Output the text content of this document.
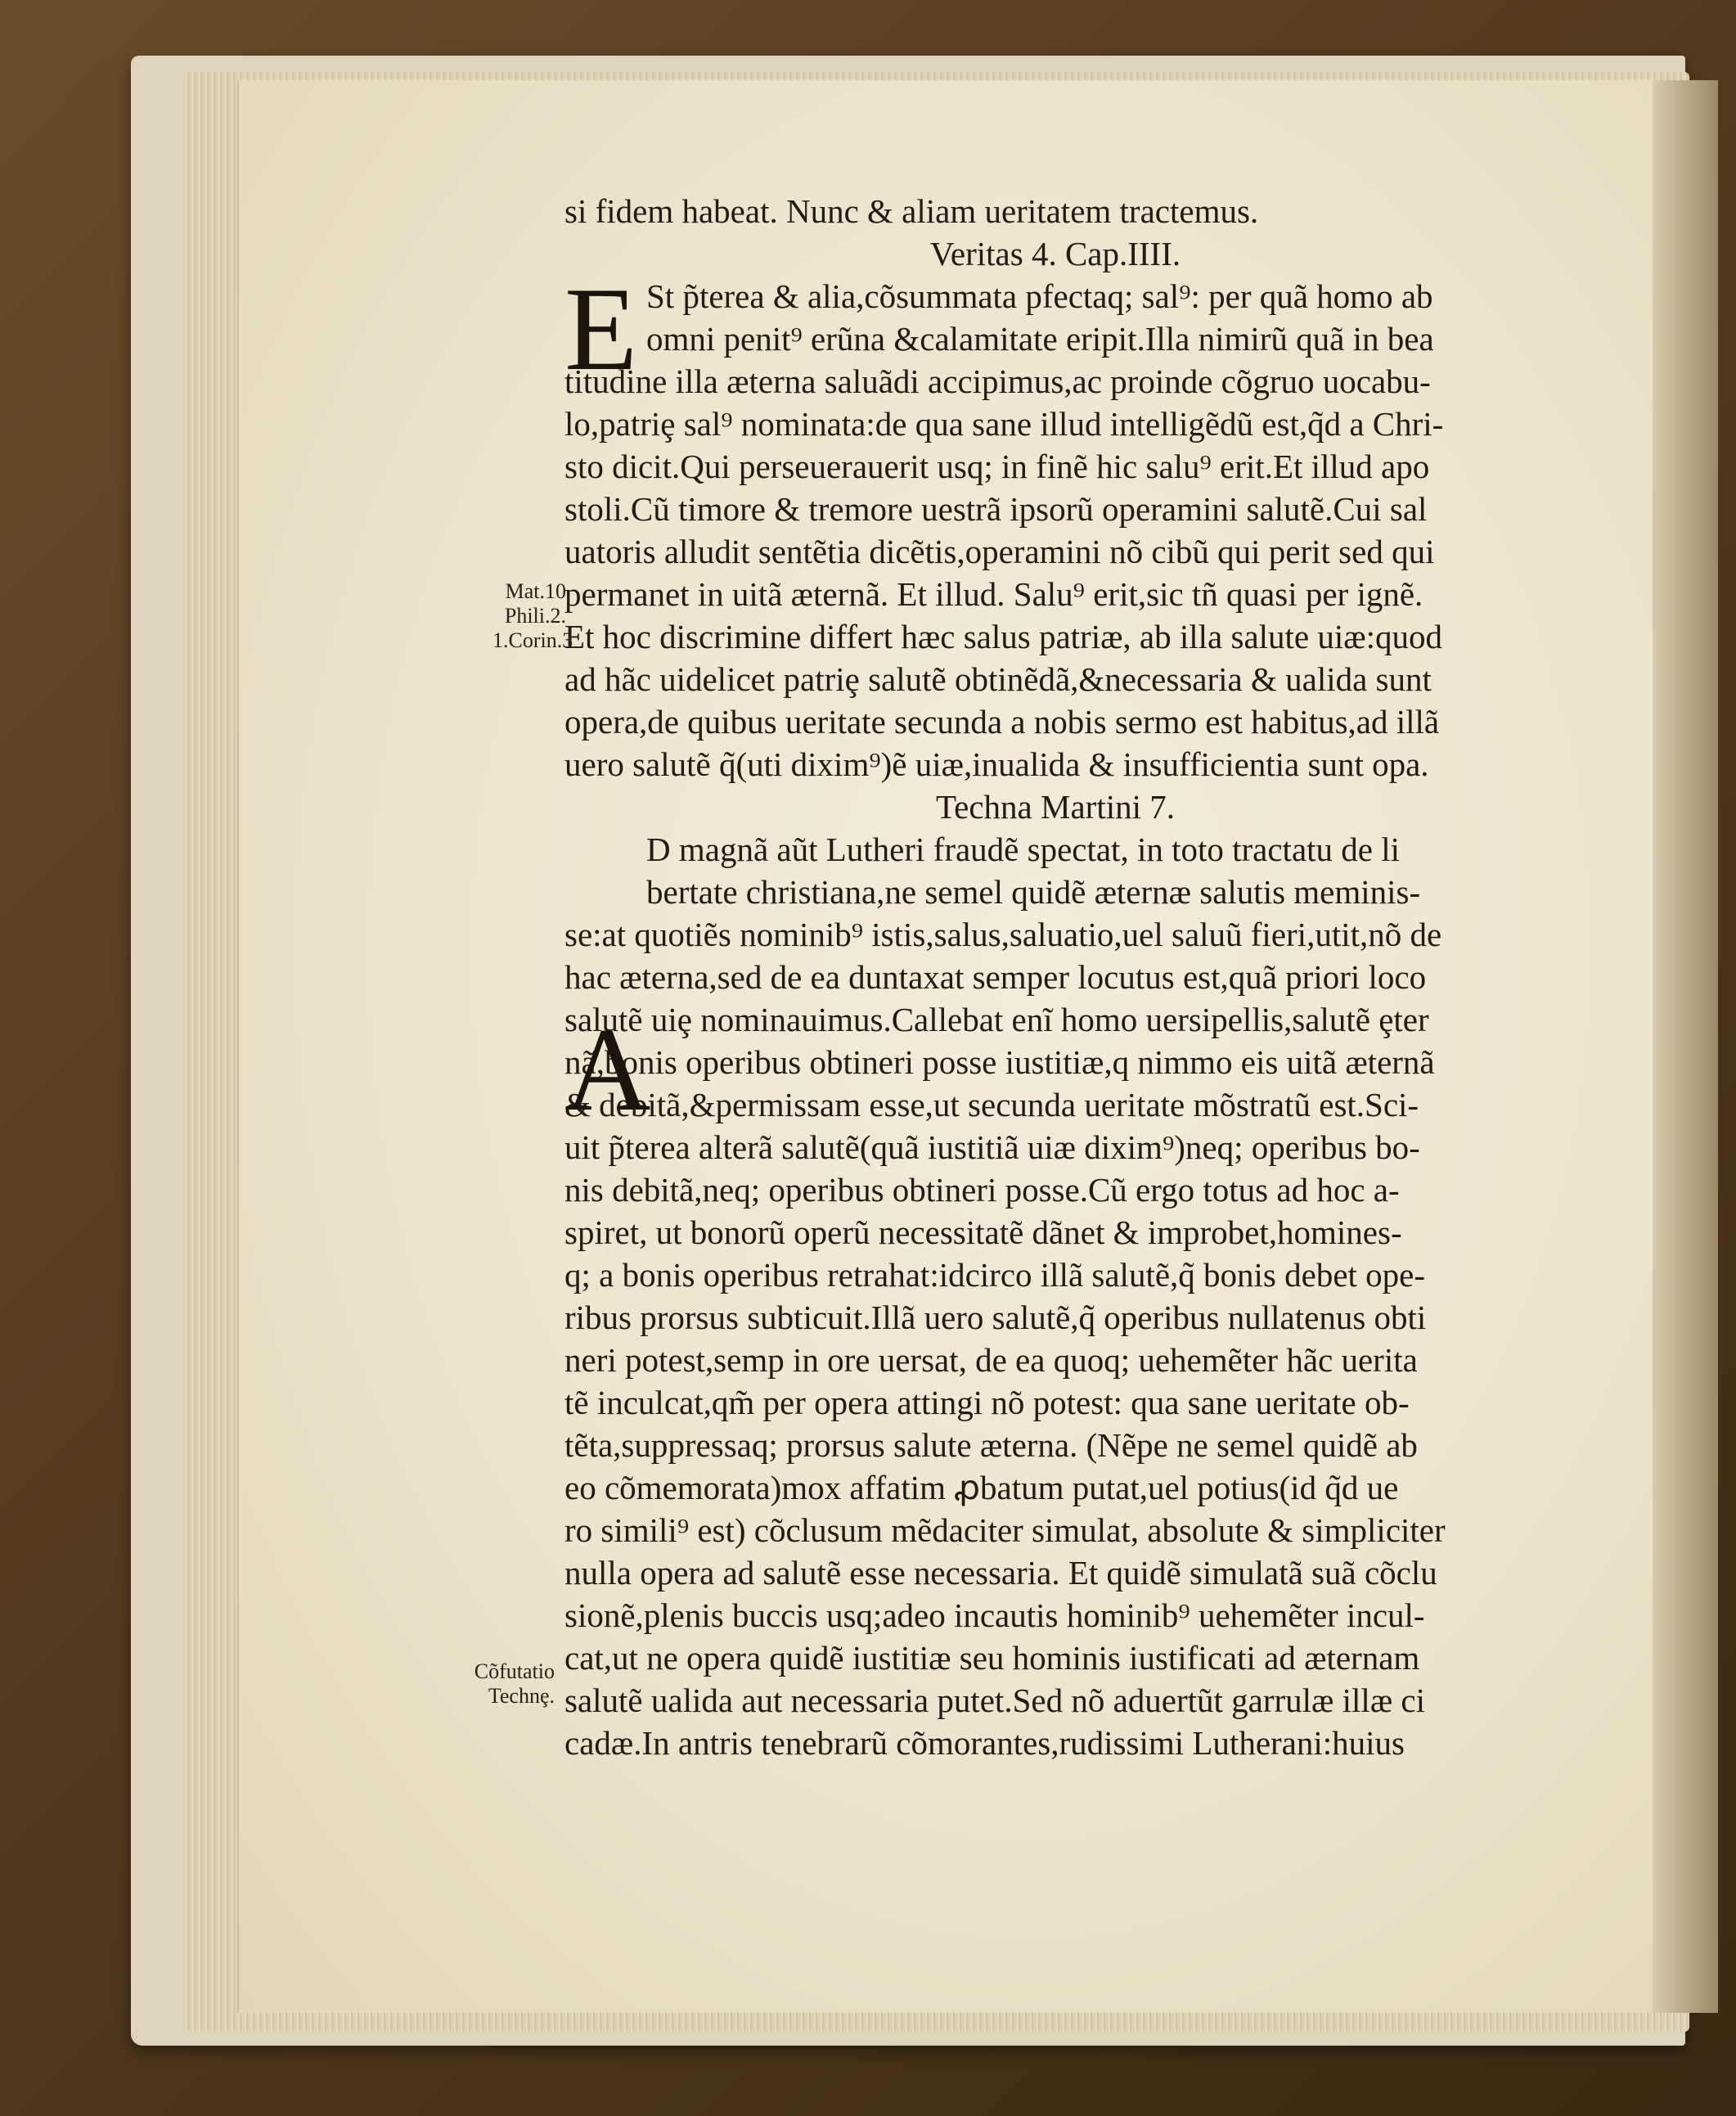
si fidem habeat. Nunc & aliam ueritatem tractemus.
Veritas 4. Cap.IIII.
St p̃terea & alia,cõsummata pfectaq; sal⁹: per quã homo ab
omni penit⁹ erũna &calamitate eripit.Illa nimirũ quã in bea
titudine illa æterna saluãdi accipimus,ac proinde cõgruo uocabu-
lo,patriȩ sal⁹ nominata:de qua sane illud intelligẽdũ est,q̃d a Chri-
sto dicit.Qui perseuerauerit usq; in finẽ hic salu⁹ erit.Et illud apo
stoli.Cũ timore & tremore uestrã ipsorũ operamini salutẽ.Cui sal
uatoris alludit sentẽtia dicẽtis,operamini nõ cibũ qui perit sed qui
permanet in uitã æternã. Et illud. Salu⁹ erit,sic tñ quasi per ignẽ.
Et hoc discrimine differt hæc salus patriæ, ab illa salute uiæ:quod
ad hãc uidelicet patriȩ salutẽ obtinẽdã,&necessaria & ualida sunt
opera,de quibus ueritate secunda a nobis sermo est habitus,ad illã
uero salutẽ q̃(uti dixim⁹)ẽ uiæ,inualida & insufficientia sunt opa.
Techna Martini 7.
D magnã aũt Lutheri fraudẽ spectat, in toto tractatu de li
bertate christiana,ne semel quidẽ æternæ salutis meminis-
se:at quotiẽs nominib⁹ istis,salus,saluatio,uel saluũ fieri,utit,nõ de
hac æterna,sed de ea duntaxat semper locutus est,quã priori loco
salutẽ uiȩ nominauimus.Callebat enĩ homo uersipellis,salutẽ ȩter
nã,bonis operibus obtineri posse iustitiæ,q nimmo eis uitã æternã
& debitã,&permissam esse,ut secunda ueritate mõstratũ est.Sci-
uit p̃terea alterã salutẽ(quã iustitiã uiæ dixim⁹)neq; operibus bo-
nis debitã,neq; operibus obtineri posse.Cũ ergo totus ad hoc a-
spiret, ut bonorũ operũ necessitatẽ dãnet & improbet,homines-
q; a bonis operibus retrahat:idcirco illã salutẽ,q̃ bonis debet ope-
ribus prorsus subticuit.Illã uero salutẽ,q̃ operibus nullatenus obti
neri potest,semp in ore uersat, de ea quoq; uehemẽter hãc uerita
tẽ inculcat,qm̃ per opera attingi nõ potest: qua sane ueritate ob-
tẽta,suppressaq; prorsus salute æterna. (Nẽpe ne semel quidẽ ab
eo cõmemorata)mox affatim ꝓbatum putat,uel potius(id q̃d ue
ro simili⁹ est) cõclusum mẽdaciter simulat, absolute & simpliciter
nulla opera ad salutẽ esse necessaria. Et quidẽ simulatã suã cõclu
sionẽ,plenis buccis usq;adeo incautis hominib⁹ uehemẽter incul-
cat,ut ne opera quidẽ iustitiæ seu hominis iustificati ad æternam
salutẽ ualida aut necessaria putet.Sed nõ aduertũt garrulæ illæ ci
cadæ.In antris tenebrarũ cõmorantes,rudissimi Lutherani:huius
E
A
Mat.10
Phili.2.
1.Corin.3
Cõfutatio
Technȩ.
